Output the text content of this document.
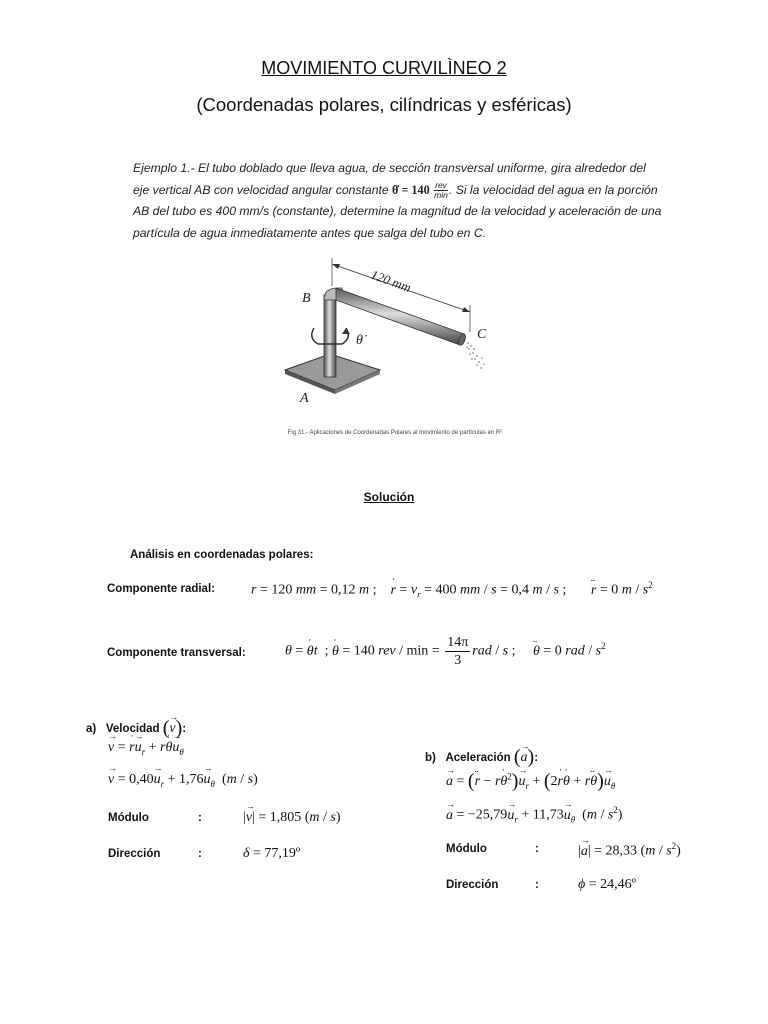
MOVIMIENTO CURVILÌNEO 2
(Coordenadas polares, cilíndricas y esféricas)
Ejemplo 1.- El tubo doblado que lleva agua, de sección transversal uniforme, gira alrededor del eje vertical AB con velocidad angular constante θ̇ = $140 \frac{\text{rev}}{\min}$ . Si la velocidad del agua en la porción AB del tubo es 400 mm/s (constante), determine la magnitud de la velocidad y aceleración de una partícula de agua inmediatamente antes que salga del tubo en C.
120 mm
B
A
C
θ̇
Fig 31.- Aplicaciones de Coordenadas Polares al movimiento de partículas en R²
Solución
Análisis en coordenadas polares:
Componente radial:	r = 120 mm = 0,12 m ;    ˙ $r = v_r = 400$ mm / s = 0,4 m / s ;       ¨ r = 0 m / $s^2$
Componente transversal:	θ = ˙ θt  ; ˙ θ = 140 rev / $\min = \frac{14\pi}{3}$ rad / s ;     ¨ θ = 0 rad / $s^2$
a) Velocidad (→ v):
→ v = ˙ $r\to u_r$ + r˙ $\theta\to u_\theta$
→ $v = 0,40\to u_r + 1,76\to u_\theta$  (m / s)
Módulo	:	|→ v| = 1,805 (m / s)
Dirección	:	δ = 77,19º
b) Aceleración (→ a):
→ a = (¨ r − r˙ $\theta^2)\to u_r$ + (2˙ r˙ θ + r¨ $\theta)\to u_\theta$
→ $a = -25,79\to u_r + 11,73\to u_\theta$  $(m / s^2)$
Módulo	:	|→ a| = 28,33 $(m / s^2)$
Dirección	:	ϕ = 24,46º
